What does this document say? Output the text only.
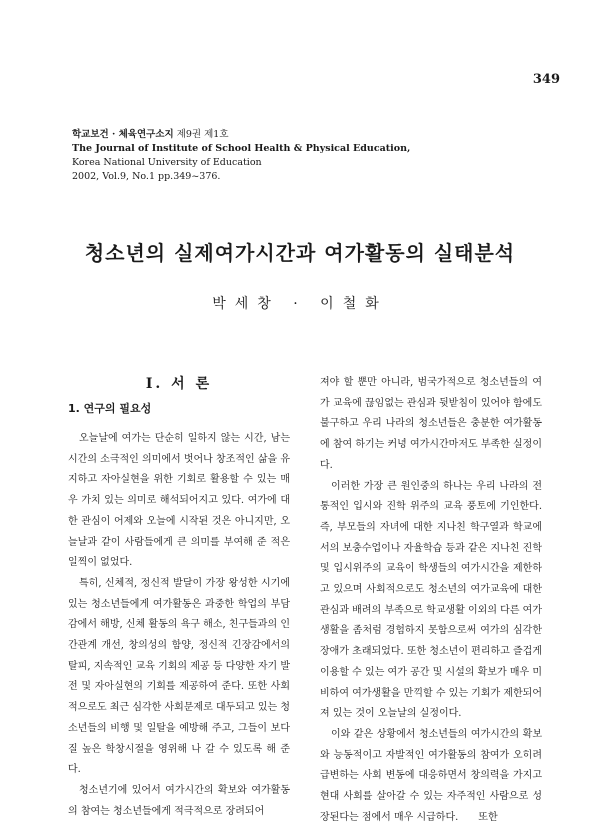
349
학교보건 · 체육연구소지 제9권 제1호
The Journal of Institute of School Health & Physical Education,
Korea National University of Education
2002, Vol.9, No.1 pp.349~376.
청소년의 실제여가시간과 여가활동의 실태분석
박세창 · 이철화
Ⅰ. 서 론
1. 연구의 필요성

오늘날에 여가는 단순히 일하지 않는 시간, 남는 시간의 소극적인 의미에서 벗어나 창조적인 삶을 유지하고 자아실현을 위한 기회로 활용할 수 있는 매우 가치 있는 의미로 해석되어지고 있다. 여가에 대한 관심이 어제와 오늘에 시작된 것은 아니지만, 오늘날과 같이 사람들에게 큰 의미를 부여해 준 적은 일찍이 없었다.

특히, 신체적, 정신적 발달이 가장 왕성한 시기에 있는 청소년들에게 여가활동은 과중한 학업의 부담감에서 해방, 신체 활동의 욕구 해소, 친구들과의 인간관계 개선, 창의성의 함양, 정신적 긴장감에서의 탈피, 지속적인 교육 기회의 제공 등 다양한 자기 발전 및 자아실현의 기회를 제공하여 준다. 또한 사회적으로도 최근 심각한 사회문제로 대두되고 있는 청소년들의 비행 및 일탈을 예방해 주고, 그들이 보다 질 높은 학창시절을 영위해 나 갈 수 있도록 해 준다.

청소년기에 있어서 여가시간의 확보와 여가활동의 참여는 청소년들에게 적극적으로 장려되어

져야 할 뿐만 아니라, 범국가적으로 청소년들의 여가 교육에 끊임없는 관심과 뒷받침이 있어야 함에도 불구하고 우리 나라의 청소년들은 충분한 여가활동에 참여 하기는 커녕 여가시간마저도 부족한 실정이다.

이러한 가장 큰 원인중의 하나는 우리 나라의 전통적인 입시와 진학 위주의 교육 풍토에 기인한다. 즉, 부모들의 자녀에 대한 지나친 학구열과 학교에서의 보충수업이나 자율학습 등과 같은 지나친 진학 및 입시위주의 교육이 학생들의 여가시간을 제한하고 있으며 사회적으로도 청소년의 여가교육에 대한 관심과 배려의 부족으로 학교생활 이외의 다른 여가생활을 좀처럼 경험하지 못함으로써 여가의 심각한 장애가 초래되었다. 또한 청소년이 편리하고 즐겁게 이용할 수 있는 여가 공간 및 시설의 확보가 매우 미비하여 여가생활을 만끽할 수 있는 기회가 제한되어져 있는 것이 오늘날의 실정이다.

이와 같은 상황에서 청소년들의 여가시간의 확보와 능동적이고 자발적인 여가활동의 참여가 오히려 급변하는 사회 변동에 대응하면서 창의력을 가지고 현대 사회를 살아갈 수 있는 자주적인 사람으로 성장된다는 점에서 매우 시급하다.　　또한
